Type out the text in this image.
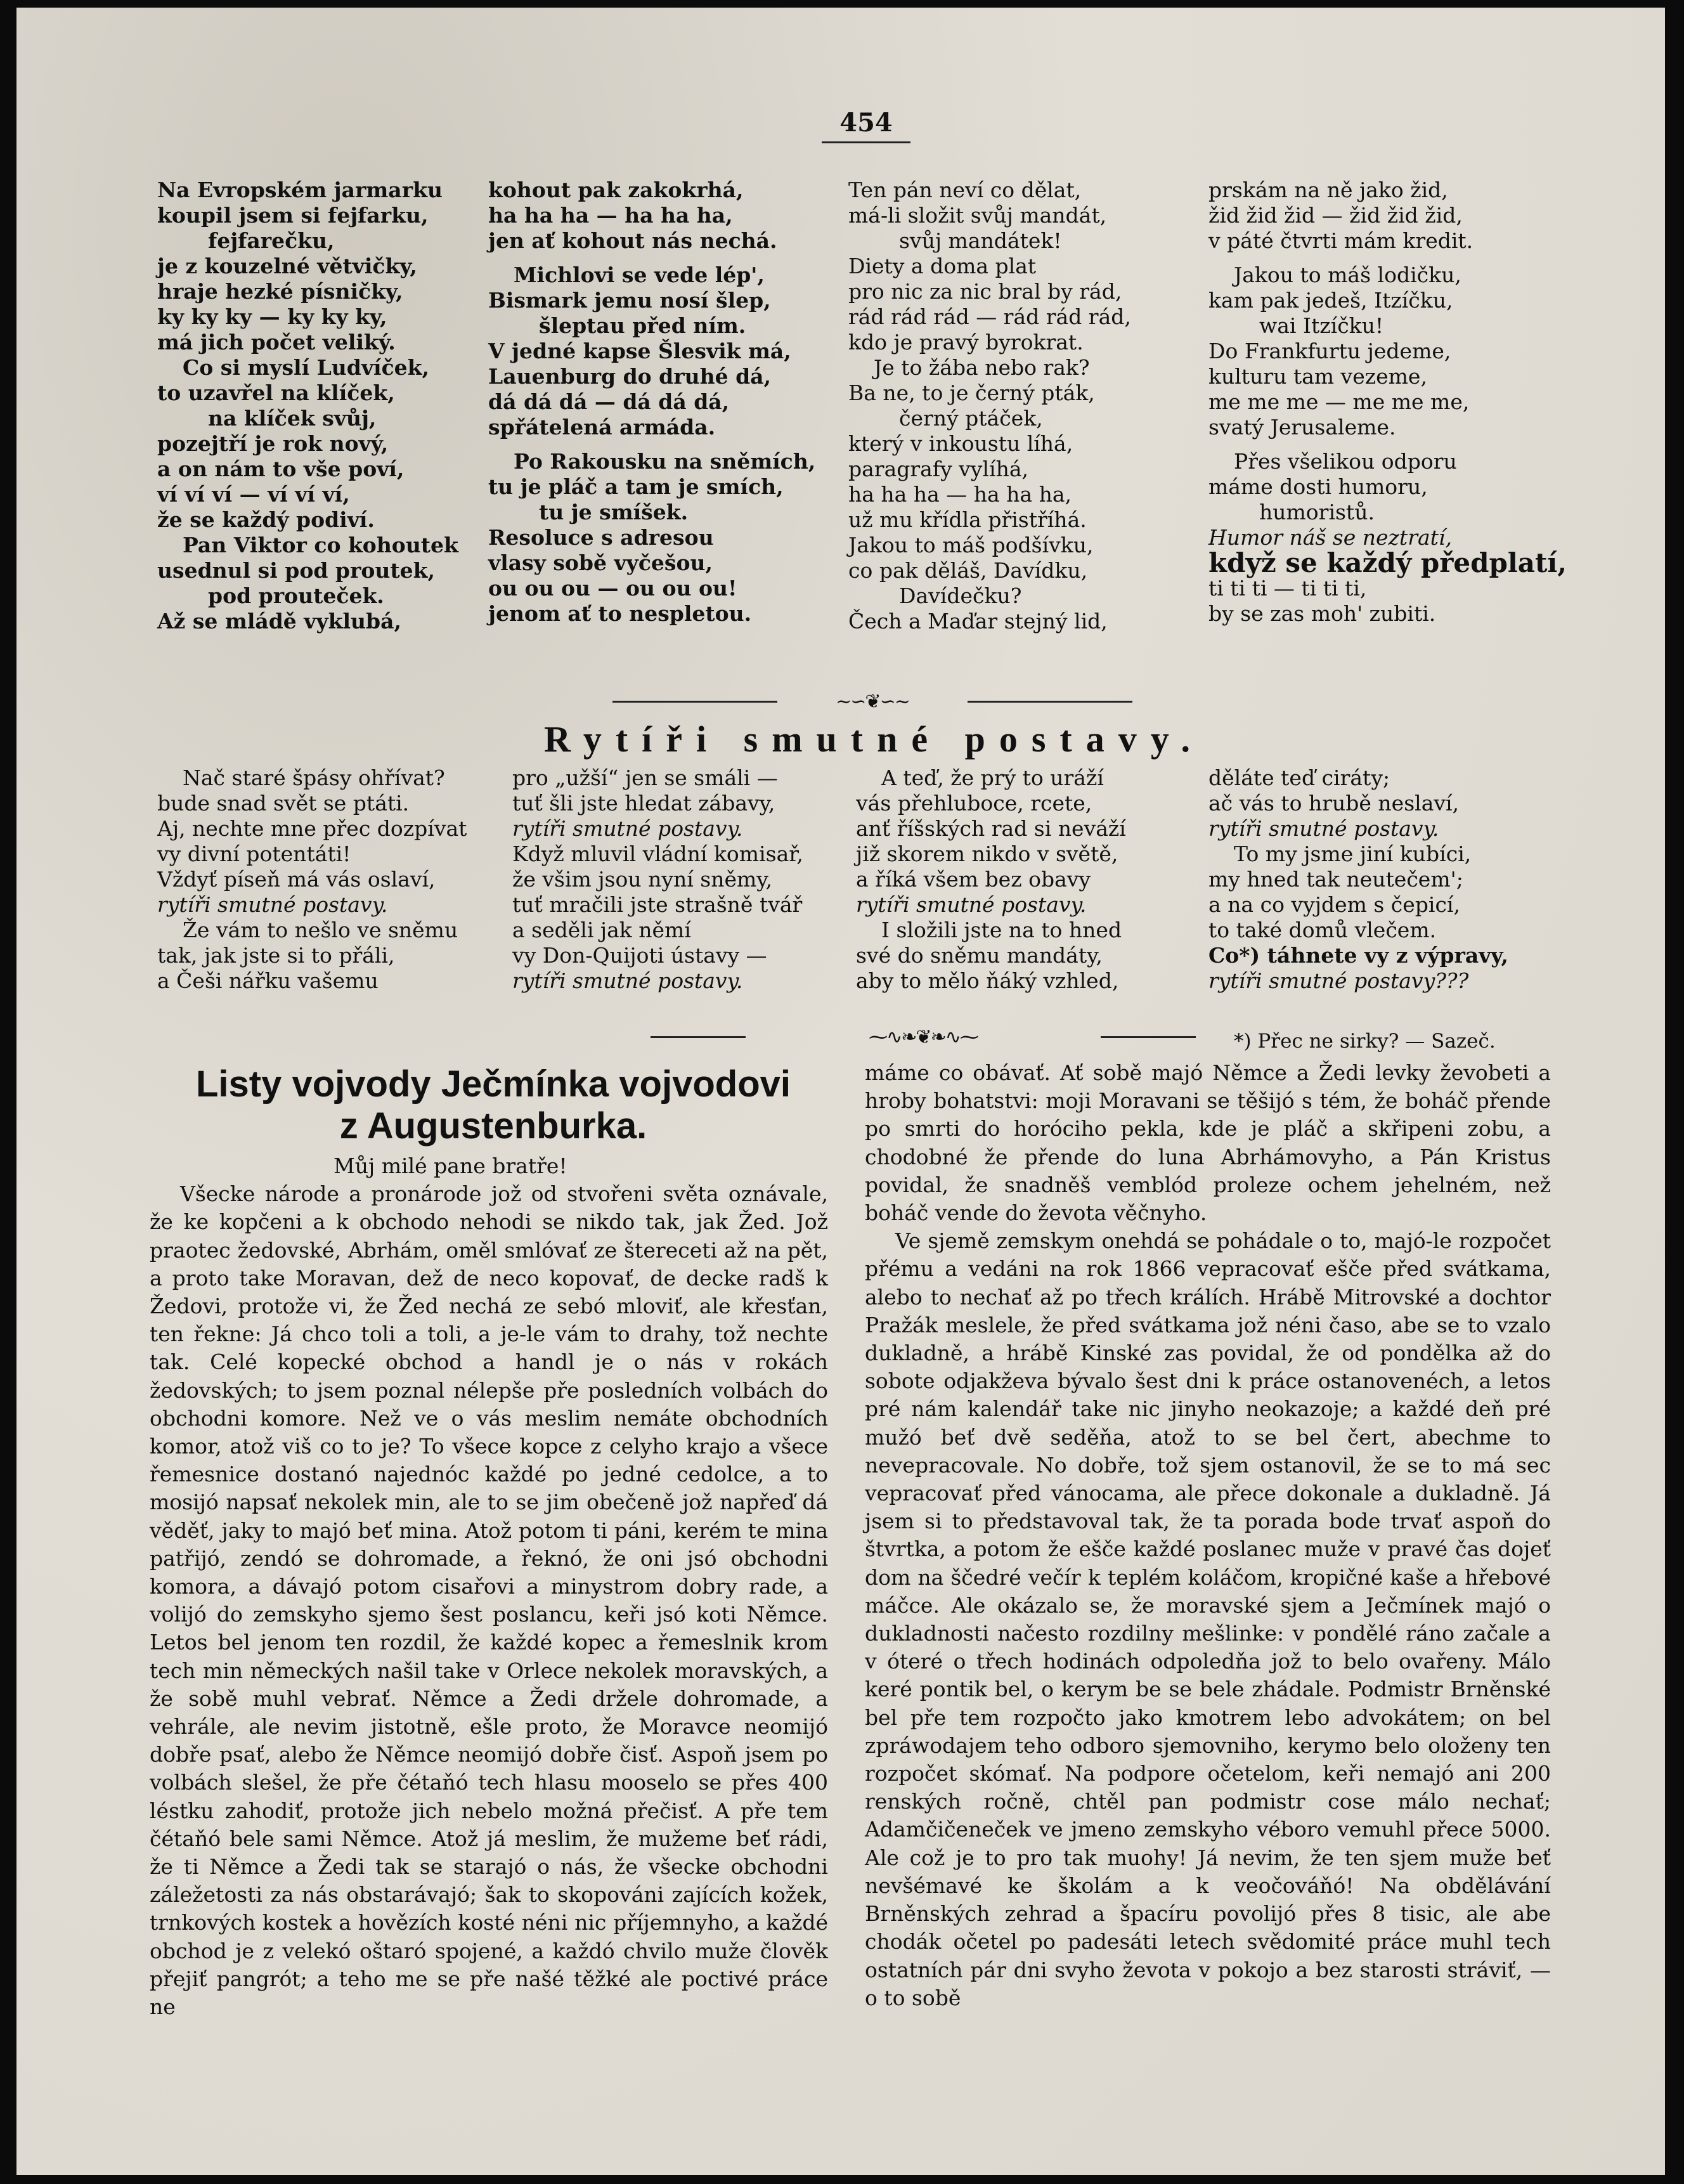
454
Na Evropském jarmarku
koupil jsem si fejfarku,
fejfarečku,
je z kouzelné větvičky,
hraje hezké písničky,
ky ky ky — ky ky ky,
má jich počet veliký.
Co si myslí Ludvíček,
to uzavřel na klíček,
na klíček svůj,
pozejtří je rok nový,
a on nám to vše poví,
ví ví ví — ví ví ví,
že se každý podiví.
Pan Viktor co kohoutek
usednul si pod proutek,
pod prouteček.
Až se mládě vyklubá,
kohout pak zakokrhá,
ha ha ha — ha ha ha,
jen ať kohout nás nechá.
Michlovi se vede lép',
Bismark jemu nosí šlep,
šleptau před ním.
V jedné kapse Šlesvik má,
Lauenburg do druhé dá,
dá dá dá — dá dá dá,
spřátelená armáda.
Po Rakousku na sněmích,
tu je pláč a tam je smích,
tu je smíšek.
Resoluce s adresou
vlasy sobě vyčešou,
ou ou ou — ou ou ou!
jenom ať to nespletou.
Ten pán neví co dělat,
má-li složit svůj mandát,
svůj mandátek!
Diety a doma plat
pro nic za nic bral by rád,
rád rád rád — rád rád rád,
kdo je pravý byrokrat.
Je to žába nebo rak?
Ba ne, to je černý pták,
černý ptáček,
který v inkoustu líhá,
paragrafy vylíhá,
ha ha ha — ha ha ha,
už mu křídla přistříhá.
Jakou to máš podšívku,
co pak děláš, Davídku,
Davídečku?
Čech a Maďar stejný lid,
prskám na ně jako žid,
žid žid žid — žid žid žid,
v páté čtvrti mám kredit.
Jakou to máš lodičku,
kam pak jedeš, Itzíčku,
wai Itzíčku!
Do Frankfurtu jedeme,
kulturu tam vezeme,
me me me — me me me,
svatý Jerusaleme.
Přes všelikou odporu
máme dosti humoru,
humoristů.
Humor náš se neztratí,
když se každý předplatí,
ti ti ti — ti ti ti,
by se zas moh' zubiti.
~∽❦∽~
Rytíři smutné postavy.
Nač staré špásy ohřívat?
bude snad svět se ptáti.
Aj, nechte mne přec dozpívat
vy divní potentáti!
Vždyť píseň má vás oslaví,
rytíři smutné postavy.
Že vám to nešlo ve sněmu
tak, jak jste si to přáli,
a Češi nářku vašemu
pro „užší“ jen se smáli —
tuť šli jste hledat zábavy,
rytíři smutné postavy.
Když mluvil vládní komisař,
že všim jsou nyní sněmy,
tuť mračili jste strašně tvář
a seděli jak němí
vy Don-Quijoti ústavy —
rytíři smutné postavy.
A teď, že prý to uráží
vás přehluboce, rcete,
anť říšských rad si neváží
již skorem nikdo v světě,
a říká všem bez obavy
rytíři smutné postavy.
I složili jste na to hned
své do sněmu mandáty,
aby to mělo ňáký vzhled,
děláte teď ciráty;
ač vás to hrubě neslaví,
rytíři smutné postavy.
To my jsme jiní kubíci,
my hned tak neutečem';
a na co vyjdem s čepicí,
to také domů vlečem.
Co*) táhnete vy z výpravy,
rytíři smutné postavy???
⁓∿❧❦❧∿⁓	*) Přec ne sirky? — Sazeč.
Listy vojvody Ječmínka vojvodovi
z Augustenburka.

Můj milé pane bratře!

Všecke národe a pronárode jož od stvořeni světa oznávale, že ke kopčeni a k obchodo nehodi se nikdo tak, jak Žed. Jož praotec žedovské, Abrhám, oměl smlóvať ze štereceti až na pět, a proto take Moravan, dež de neco kopovať, de decke radš k Žedovi, protože vi, že Žed nechá ze sebó mloviť, ale křesťan, ten řekne: Já chco toli a toli, a je-le vám to drahy, tož nechte tak. Celé kopecké obchod a handl je o nás v rokách žedovských; to jsem poznal nélepše pře posledních volbách do obchodni komore. Než ve o vás meslim nemáte obchodních komor, atož viš co to je? To všece kopce z celyho krajo a všece řemesnice dostanó najednóc každé po jedné cedolce, a to mosijó napsať nekolek min, ale to se jim obečeně jož napřeď dá věděť, jaky to majó beť mina. Atož potom ti páni, kerém te mina patřijó, zendó se dohromade, a řeknó, že oni jsó obchodni komora, a dávajó potom cisařovi a minystrom dobry rade, a volijó do zemskyho sjemo šest poslancu, keři jsó koti Němce. Letos bel jenom ten rozdil, že každé kopec a řemeslnik krom tech min německých našil take v Orlece nekolek moravských, a že sobě muhl vebrať. Němce a Žedi držele dohromade, a vehrále, ale nevim jistotně, ešle proto, že Moravce neomijó dobře psať, alebo že Němce neomijó dobře čisť. Aspoň jsem po volbách slešel, že pře čétaňó tech hlasu mooselo se přes 400 léstku zahodiť, protože jich nebelo možná přečisť. A pře tem čétaňó bele sami Němce. Atož já meslim, že mužeme beť rádi, že ti Němce a Žedi tak se starajó o nás, že všecke obchodni záležetosti za nás obstarávajó; šak to skopováni zajících kožek, trnkových kostek a hovězích kosté néni nic příjemnyho, a každé obchod je z velekó oštaró spojené, a každó chvilo muže člověk přejiť pangrót; a teho me se pře našé těžké ale poctivé práce ne

máme co obávať. Ať sobě majó Němce a Žedi levky ževobeti a hroby bohatstvi: moji Moravani se těšijó s tém, že boháč přende po smrti do horóciho pekla, kde je pláč a skřipeni zobu, a chodobné že přende do luna Abrhámovyho, a Pán Kristus povidal, že snadněš vemblód proleze ochem jehelném, než boháč vende do ževota věčnyho.

Ve sjemě zemskym onehdá se pohádale o to, majó-le rozpočet přému a vedáni na rok 1866 vepracovať ešče před svátkama, alebo to nechať až po třech králích. Hrábě Mitrovské a dochtor Pražák meslele, že před svátkama jož néni časo, abe se to vzalo dukladně, a hrábě Kinské zas povidal, že od pondělka až do sobote odjakževa bývalo šest dni k práce ostanovenéch, a letos pré nám kalendář take nic jinyho neokazoje; a každé deň pré mužó beť dvě seděňa, atož to se bel čert, abechme to nevepracovale. No dobře, tož sjem ostanovil, že se to má sec vepracovať před vánocama, ale přece dokonale a dukladně. Já jsem si to představoval tak, že ta porada bode trvať aspoň do štvrtka, a potom že ešče každé poslanec muže v pravé čas dojeť dom na ščedré večír k teplém koláčom, kropičné kaše a hřebové máčce. Ale okázalo se, že moravské sjem a Ječmínek majó o dukladnosti načesto rozdilny mešlinke: v pondělé ráno začale a v óteré o třech hodinách odpoledňa jož to belo ovařeny. Málo keré pontik bel, o kerym be se bele zhádale. Podmistr Brněnské bel pře tem rozpočto jako kmotrem lebo advokátem; on bel zpráwodajem teho odboro sjemovniho, kerymo belo oloženy ten rozpočet skómať. Na podpore očetelom, keři nemajó ani 200 renských ročně, chtěl pan podmistr cose málo nechať; Adamčičeneček ve jmeno zemskyho véboro vemuhl přece 5000. Ale což je to pro tak muohy! Já nevim, že ten sjem muže beť nevšémavé ke školám a k veočováňó! Na obdělávání Brněnských zehrad a špacíru povolijó přes 8 tisic, ale abe chodák očetel po padesáti letech svědomité práce muhl tech ostatních pár dni svyho ževota v pokojo a bez starosti stráviť, — o to sobě
